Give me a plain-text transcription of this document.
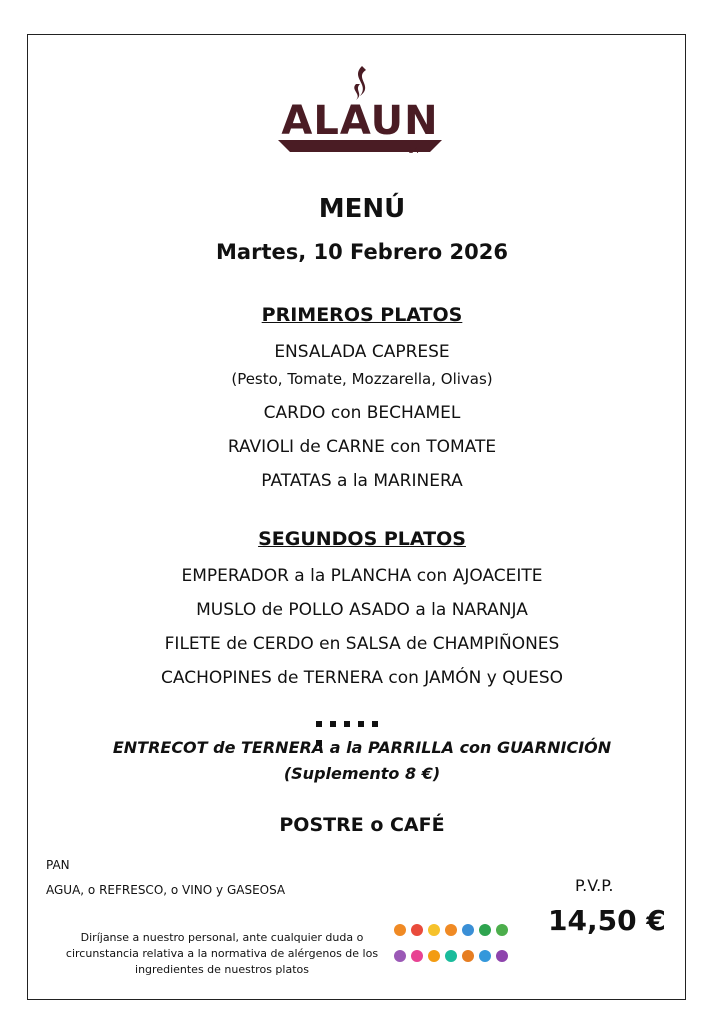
ALAUN
14
MENÚ
Martes, 10 Febrero 2026
PRIMEROS PLATOS
ENSALADA CAPRESE
(Pesto, Tomate, Mozzarella, Olivas)
CARDO con BECHAMEL
RAVIOLI de CARNE con TOMATE
PATATAS a la MARINERA
SEGUNDOS PLATOS
EMPERADOR a la PLANCHA con AJOACEITE
MUSLO de POLLO ASADO a la NARANJA
FILETE de CERDO en SALSA de CHAMPIÑONES
CACHOPINES de TERNERA con JAMÓN y QUESO
ENTRECOT de TERNERA a la PARRILLA con GUARNICIÓN
(Suplemento 8 €)
POSTRE o CAFÉ
PAN
AGUA, o REFRESCO, o VINO y GASEOSA	P.V.P.
14,50 €
Diríjanse a nuestro personal, ante cualquier duda o circunstancia relativa a la normativa de alérgenos de los ingredientes de nuestros platos
